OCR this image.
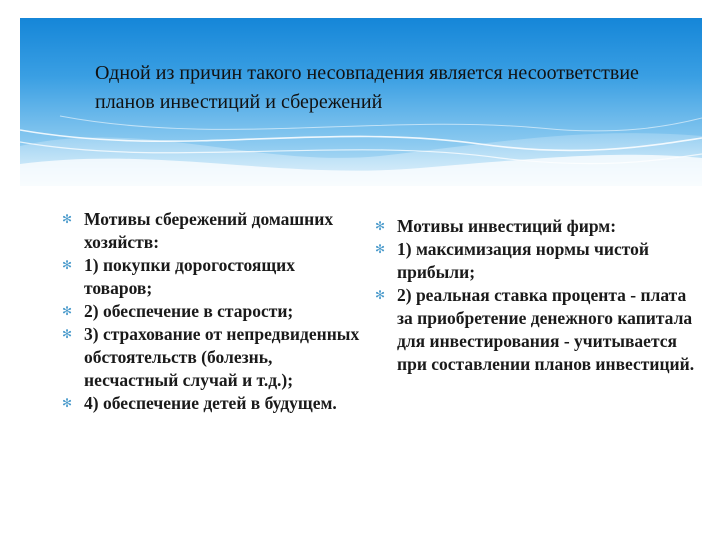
Одной из причин такого несовпадения является несоответствие планов инвестиций и сбережений

✻ Мотивы сбережений домашних хозяйств:
✻ 1) покупки дорогостоящих товаров;
✻ 2) обеспечение в старости;
✻ 3) страхование от непредвиденных обстоятельств (болезнь, несчастный случай и т.д.);
✻ 4) обеспечение детей в будущем.
✻ Мотивы инвестиций фирм:
✻ 1) максимизация нормы чистой прибыли;
✻ 2) реальная ставка процента - плата за приобретение денежного капитала для инвестирования - учитывается при составлении планов инвестиций.
